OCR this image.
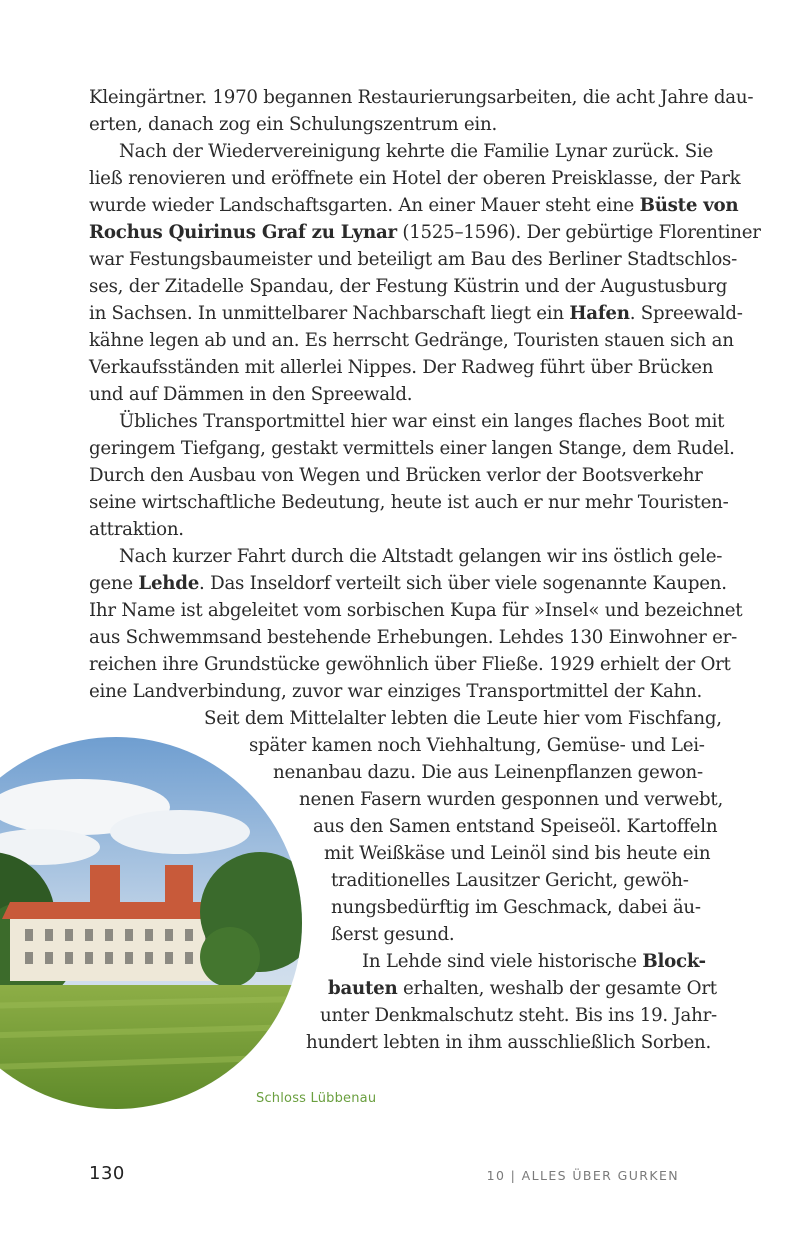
Kleingärtner. 1970 begannen Restaurierungsarbeiten, die acht Jahre dau-
erten, danach zog ein Schulungszentrum ein.
Nach der Wiedervereinigung kehrte die Familie Lynar zurück. Sie
ließ renovieren und eröffnete ein Hotel der oberen Preisklasse, der Park
wurde wieder Landschaftsgarten. An einer Mauer steht eine Büste von
Rochus Quirinus Graf zu Lynar (1525–1596). Der gebürtige Florentiner
war Festungsbaumeister und beteiligt am Bau des Berliner Stadtschlos-
ses, der Zitadelle Spandau, der Festung Küstrin und der Augustusburg
in Sachsen. In unmittelbarer Nachbarschaft liegt ein Hafen. Spreewald-
kähne legen ab und an. Es herrscht Gedränge, Touristen stauen sich an
Verkaufsständen mit allerlei Nippes. Der Radweg führt über Brücken
und auf Dämmen in den Spreewald.
Übliches Transportmittel hier war einst ein langes flaches Boot mit
geringem Tiefgang, gestakt vermittels einer langen Stange, dem Rudel.
Durch den Ausbau von Wegen und Brücken verlor der Bootsverkehr
seine wirtschaftliche Bedeutung, heute ist auch er nur mehr Touristen-
attraktion.
Nach kurzer Fahrt durch die Altstadt gelangen wir ins östlich gele-
gene Lehde. Das Inseldorf verteilt sich über viele sogenannte Kaupen.
Ihr Name ist abgeleitet vom sorbischen Kupa für »Insel« und bezeichnet
aus Schwemmsand bestehende Erhebungen. Lehdes 130 Einwohner er-
reichen ihre Grundstücke gewöhnlich über Fließe. 1929 erhielt der Ort
eine Landverbindung, zuvor war einziges Transportmittel der Kahn.
Seit dem Mittelalter lebten die Leute hier vom Fischfang,
später kamen noch Viehhaltung, Gemüse- und Lei-
nenanbau dazu. Die aus Leinenpflanzen gewon-
nenen Fasern wurden gesponnen und verwebt,
aus den Samen entstand Speiseöl. Kartoffeln
mit Weißkäse und Leinöl sind bis heute ein
traditionelles Lausitzer Gericht, gewöh-
nungsbedürftig im Geschmack, dabei äu-
ßerst gesund.
In Lehde sind viele historische Block-
bauten erhalten, weshalb der gesamte Ort
unter Denkmalschutz steht. Bis ins 19. Jahr-
hundert lebten in ihm ausschließlich Sorben.
Schloss Lübbenau
130	10 | ALLES ÜBER GURKEN
